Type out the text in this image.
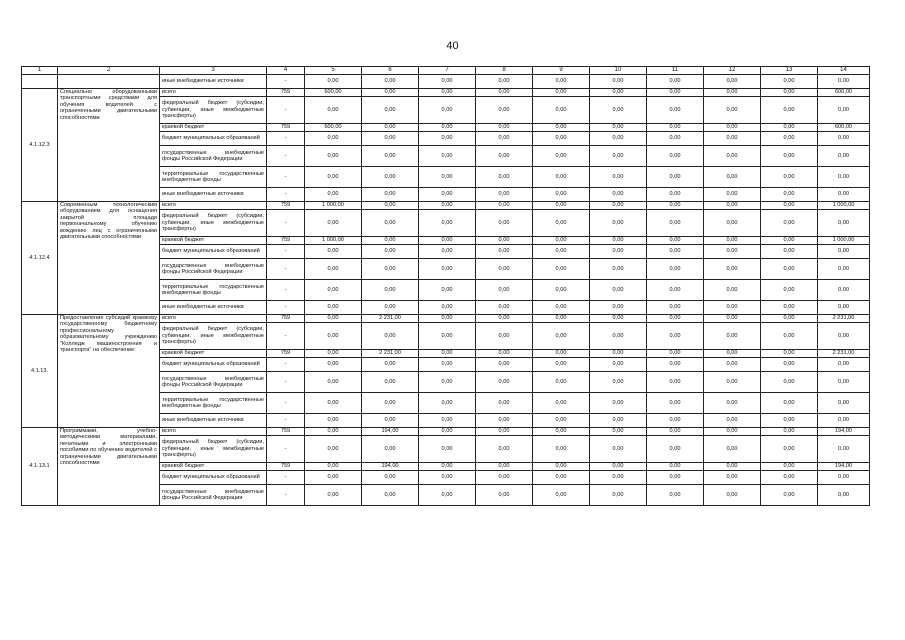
40
1	2	3	4	5	6	7	8	9	10	11	12	13	14
		иные внебюджетные источники	-	0,00	0,00	0,00	0,00	0,00	0,00	0,00	0,00	0,00	0,00
4.1.12.3	Специально оборудованными транспортными средствами для обучения водителей с ограниченными двигательными способностями	всего	759	600,00	0,00	0,00	0,00	0,00	0,00	0,00	0,00	0,00	600,00
		федеральный бюджет (субсидии, субвенции, иные межбюджетные трансферты)	-	0,00	0,00	0,00	0,00	0,00	0,00	0,00	0,00	0,00	0,00
		краевой бюджет	759	600,00	0,00	0,00	0,00	0,00	0,00	0,00	0,00	0,00	600,00
		бюджет муниципальных образований	-	0,00	0,00	0,00	0,00	0,00	0,00	0,00	0,00	0,00	0,00
		государственные внебюджетные фонды Российской Федерации	-	0,00	0,00	0,00	0,00	0,00	0,00	0,00	0,00	0,00	0,00
		территориальные государственные внебюджетные фонды	-	0,00	0,00	0,00	0,00	0,00	0,00	0,00	0,00	0,00	0,00
		иные внебюджетные источники	-	0,00	0,00	0,00	0,00	0,00	0,00	0,00	0,00	0,00	0,00
4.1.12.4	Современным технологическим оборудованием для оснащения закрытой площади первоначальному обучению вождению лиц с ограниченными двигательными способностями	всего	759	1 000,00	0,00	0,00	0,00	0,00	0,00	0,00	0,00	0,00	1 000,00
		федеральный бюджет (субсидии, субвенции, иные межбюджетные трансферты)	-	0,00	0,00	0,00	0,00	0,00	0,00	0,00	0,00	0,00	0,00
		краевой бюджет	759	1 000,00	0,00	0,00	0,00	0,00	0,00	0,00	0,00	0,00	1 000,00
		бюджет муниципальных образований	-	0,00	0,00	0,00	0,00	0,00	0,00	0,00	0,00	0,00	0,00
		государственные внебюджетные фонды Российской Федерации	-	0,00	0,00	0,00	0,00	0,00	0,00	0,00	0,00	0,00	0,00
		территориальные государственные внебюджетные фонды	-	0,00	0,00	0,00	0,00	0,00	0,00	0,00	0,00	0,00	0,00
		иные внебюджетные источники	-	0,00	0,00	0,00	0,00	0,00	0,00	0,00	0,00	0,00	0,00
4.1.13.	Предоставление субсидий краевому государственному бюджетному профессиональному образовательному учреждению "Колледж машиностроения и транспорта" на обеспечение:	всего	759	0,00	2 231,00	0,00	0,00	0,00	0,00	0,00	0,00	0,00	2 231,00
		федеральный бюджет (субсидии, субвенции, иные межбюджетные трансферты)	-	0,00	0,00	0,00	0,00	0,00	0,00	0,00	0,00	0,00	0,00
		краевой бюджет	759	0,00	2 231,00	0,00	0,00	0,00	0,00	0,00	0,00	0,00	2 231,00
		бюджет муниципальных образований	-	0,00	0,00	0,00	0,00	0,00	0,00	0,00	0,00	0,00	0,00
		государственные внебюджетные фонды Российской Федерации	-	0,00	0,00	0,00	0,00	0,00	0,00	0,00	0,00	0,00	0,00
		территориальные государственные внебюджетные фонды	-	0,00	0,00	0,00	0,00	0,00	0,00	0,00	0,00	0,00	0,00
		иные внебюджетные источники	-	0,00	0,00	0,00	0,00	0,00	0,00	0,00	0,00	0,00	0,00
4.1.13.1	Программами, учебно-методическими материалами, печатными и электронными пособиями по обучению водителей с ограниченными двигательными способностями	всего	759	0,00	194,00	0,00	0,00	0,00	0,00	0,00	0,00	0,00	194,00
		федеральный бюджет (субсидии, субвенции, иные межбюджетные трансферты)	-	0,00	0,00	0,00	0,00	0,00	0,00	0,00	0,00	0,00	0,00
		краевой бюджет	759	0,00	194,00	0,00	0,00	0,00	0,00	0,00	0,00	0,00	194,00
		бюджет муниципальных образований	-	0,00	0,00	0,00	0,00	0,00	0,00	0,00	0,00	0,00	0,00
		государственные внебюджетные фонды Российской Федерации	-	0,00	0,00	0,00	0,00	0,00	0,00	0,00	0,00	0,00	0,00
